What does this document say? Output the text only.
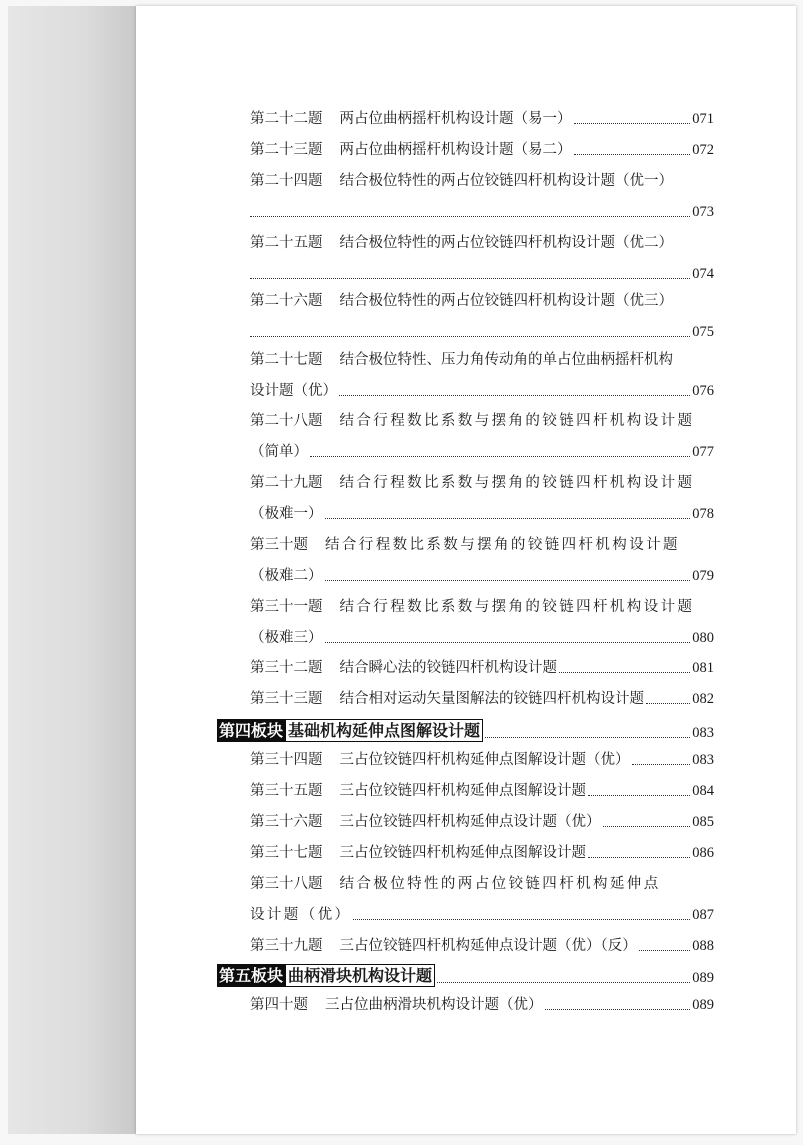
第二十二题 两占位曲柄摇杆机构设计题（易一）	071
第二十三题 两占位曲柄摇杆机构设计题（易二）	072
第二十四题 结合极位特性的两占位铰链四杆机构设计题（优一）
073
第二十五题 结合极位特性的两占位铰链四杆机构设计题（优二）
074
第二十六题 结合极位特性的两占位铰链四杆机构设计题（优三）
075
第二十七题 结合极位特性、压力角传动角的单占位曲柄摇杆机构
设计题（优）	076
第二十八题 结合行程数比系数与摆角的铰链四杆机构设计题
（简单）	077
第二十九题 结合行程数比系数与摆角的铰链四杆机构设计题
（极难一）	078
第三十题 结合行程数比系数与摆角的铰链四杆机构设计题
（极难二）	079
第三十一题 结合行程数比系数与摆角的铰链四杆机构设计题
（极难三）	080
第三十二题 结合瞬心法的铰链四杆机构设计题	081
第三十三题 结合相对运动矢量图解法的铰链四杆机构设计题	082
第四板块 基础机构延伸点图解设计题	083
第三十四题 三占位铰链四杆机构延伸点图解设计题（优）	083
第三十五题 三占位铰链四杆机构延伸点图解设计题	084
第三十六题 三占位铰链四杆机构延伸点设计题（优）	085
第三十七题 三占位铰链四杆机构延伸点图解设计题	086
第三十八题 结合极位特性的两占位铰链四杆机构延伸点
设计题（优）	087
第三十九题 三占位铰链四杆机构延伸点设计题（优）（反）	088
第五板块 曲柄滑块机构设计题	089
第四十题 三占位曲柄滑块机构设计题（优）	089
